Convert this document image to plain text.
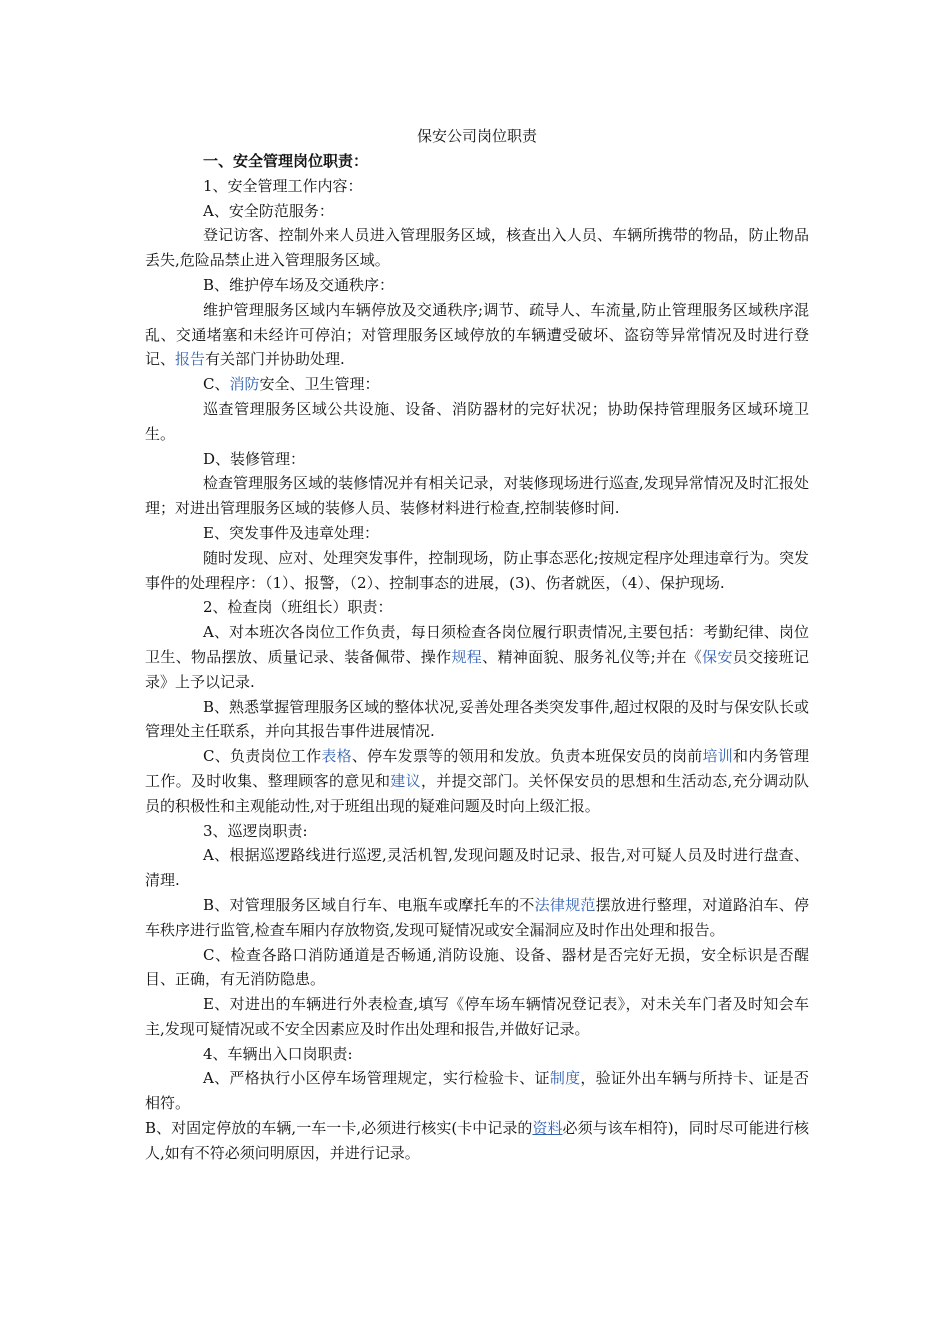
保安公司岗位职责

一、安全管理岗位职责：

1、安全管理工作内容：

A、安全防范服务：

登记访客、控制外来人员进入管理服务区域，核查出入人员、车辆所携带的物品，防止物品丢失,危险品禁止进入管理服务区域。

B、维护停车场及交通秩序：

维护管理服务区域内车辆停放及交通秩序;调节、疏导人、车流量,防止管理服务区域秩序混乱、交通堵塞和未经许可停泊；对管理服务区域停放的车辆遭受破坏、盗窃等异常情况及时进行登记、报告有关部门并协助处理.

C、消防安全、卫生管理：

巡查管理服务区域公共设施、设备、消防器材的完好状况；协助保持管理服务区域环境卫生。

D、装修管理：

检查管理服务区域的装修情况并有相关记录，对装修现场进行巡查,发现异常情况及时汇报处理；对进出管理服务区域的装修人员、装修材料进行检查,控制装修时间.

E、突发事件及违章处理：

随时发现、应对、处理突发事件，控制现场，防止事态恶化;按规定程序处理违章行为。突发事件的处理程序：（1）、报警，（2）、控制事态的进展，(3)、伤者就医，（4）、保护现场.

2、检查岗（班组长）职责：

A、对本班次各岗位工作负责，每日须检查各岗位履行职责情况,主要包括：考勤纪律、岗位卫生、物品摆放、质量记录、装备佩带、操作规程、精神面貌、服务礼仪等;并在《保安员交接班记录》上予以记录.

B、熟悉掌握管理服务区域的整体状况,妥善处理各类突发事件,超过权限的及时与保安队长或管理处主任联系，并向其报告事件进展情况.

C、负责岗位工作表格、停车发票等的领用和发放。负责本班保安员的岗前培训和内务管理工作。及时收集、整理顾客的意见和建议，并提交部门。关怀保安员的思想和生活动态,充分调动队员的积极性和主观能动性,对于班组出现的疑难问题及时向上级汇报。

3、巡逻岗职责:

A、根据巡逻路线进行巡逻,灵活机智,发现问题及时记录、报告,对可疑人员及时进行盘查、清理.

B、对管理服务区域自行车、电瓶车或摩托车的不法律规范摆放进行整理，对道路泊车、停车秩序进行监管,检查车厢内存放物资,发现可疑情况或安全漏洞应及时作出处理和报告。

C、检查各路口消防通道是否畅通,消防设施、设备、器材是否完好无损，安全标识是否醒目、正确，有无消防隐患。

E、对进出的车辆进行外表检查,填写《停车场车辆情况登记表》，对未关车门者及时知会车主,发现可疑情况或不安全因素应及时作出处理和报告,并做好记录。

4、车辆出入口岗职责:

A、严格执行小区停车场管理规定，实行检验卡、证制度，验证外出车辆与所持卡、证是否相符。

B、对固定停放的车辆,一车一卡,必须进行核实(卡中记录的资料必须与该车相符)，同时尽可能进行核人,如有不符必须问明原因，并进行记录。
